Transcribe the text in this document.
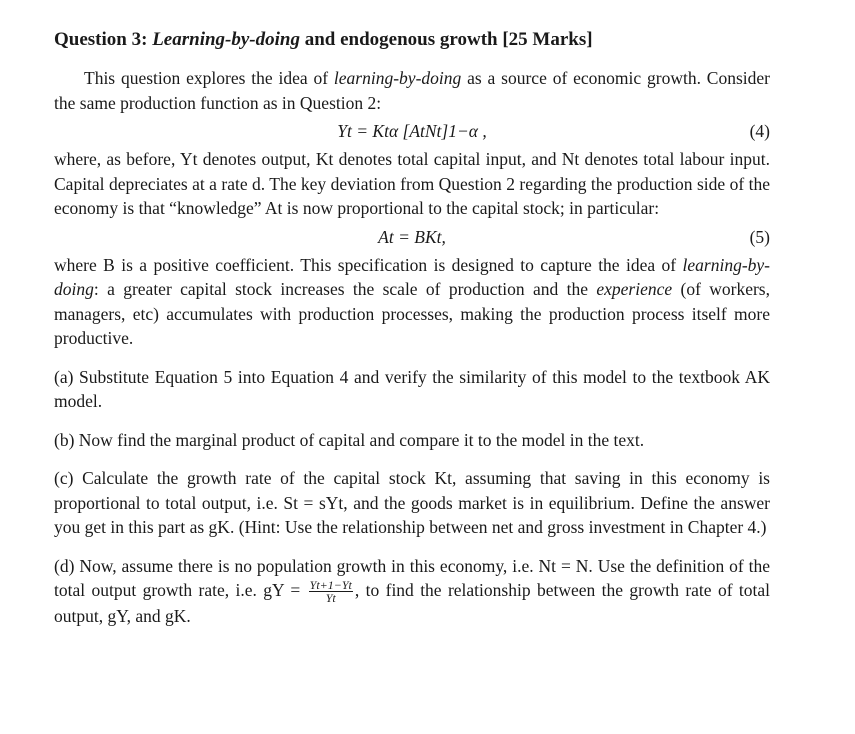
Question 3: Learning-by-doing and endogenous growth [25 Marks]

This question explores the idea of learning-by-doing as a source of economic growth. Consider the same production function as in Question 2:

Yt = Ktα [AtNt]1−α ,	(4)

where, as before, Yt denotes output, Kt denotes total capital input, and Nt denotes total labour input. Capital depreciates at a rate d. The key deviation from Question 2 regarding the production side of the economy is that “knowledge” At is now proportional to the capital stock; in particular:

At = BKt,	(5)

where B is a positive coefficient. This specification is designed to capture the idea of learning-by-doing: a greater capital stock increases the scale of production and the experience (of workers, managers, etc) accumulates with production processes, making the production process itself more productive.

(a) Substitute Equation 5 into Equation 4 and verify the similarity of this model to the textbook AK model.

(b) Now find the marginal product of capital and compare it to the model in the text.

(c) Calculate the growth rate of the capital stock Kt, assuming that saving in this economy is proportional to total output, i.e. St = sYt, and the goods market is in equilibrium. Define the answer you get in this part as gK. (Hint: Use the relationship between net and gross investment in Chapter 4.)

(d) Now, assume there is no population growth in this economy, i.e. Nt = N. Use the definition of the total output growth rate, i.e. gY = $\frac{Yt+1-Yt}{Yt}$ , to find the relationship between the growth rate of total output, gY, and gK.
